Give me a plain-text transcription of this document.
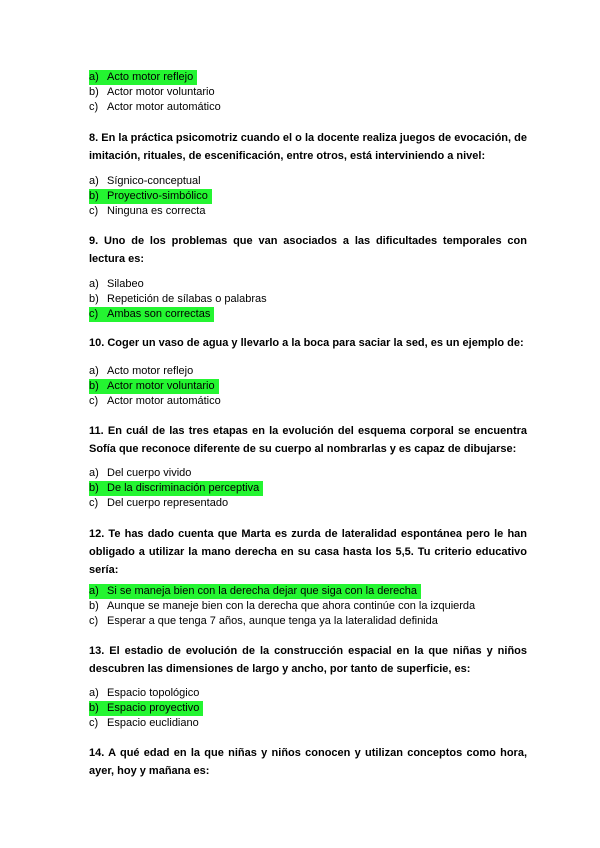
a) Acto motor reflejo
b) Actor motor voluntario
c) Actor motor automático
8. En la práctica psicomotriz cuando el o la docente realiza juegos de evocación, de imitación, rituales, de escenificación, entre otros, está interviniendo a nivel:
a) Sígnico-conceptual
b) Proyectivo-simbólico
c) Ninguna es correcta
9. Uno de los problemas que van asociados a las dificultades temporales con lectura es:
a) Silabeo
b) Repetición de sílabas o palabras
c) Ambas son correctas
10. Coger un vaso de agua y llevarlo a la boca para saciar la sed, es un ejemplo de:
a) Acto motor reflejo
b) Actor motor voluntario
c) Actor motor automático
11. En cuál de las tres etapas en la evolución del esquema corporal se encuentra Sofía que reconoce diferente de su cuerpo al nombrarlas y es capaz de dibujarse:
a) Del cuerpo vivido
b) De la discriminación perceptiva
c) Del cuerpo representado
12. Te has dado cuenta que Marta es zurda de lateralidad espontánea pero le han obligado a utilizar la mano derecha en su casa hasta los 5,5. Tu criterio educativo sería:
a) Si se maneja bien con la derecha dejar que siga con la derecha
b) Aunque se maneje bien con la derecha que ahora continúe con la izquierda
c) Esperar a que tenga 7 años, aunque tenga ya la lateralidad definida
13. El estadio de evolución de la construcción espacial en la que niñas y niños descubren las dimensiones de largo y ancho, por tanto de superficie, es:
a) Espacio topológico
b) Espacio proyectivo
c) Espacio euclidiano
14. A qué edad en la que niñas y niños conocen y utilizan conceptos como hora, ayer, hoy y mañana es:
